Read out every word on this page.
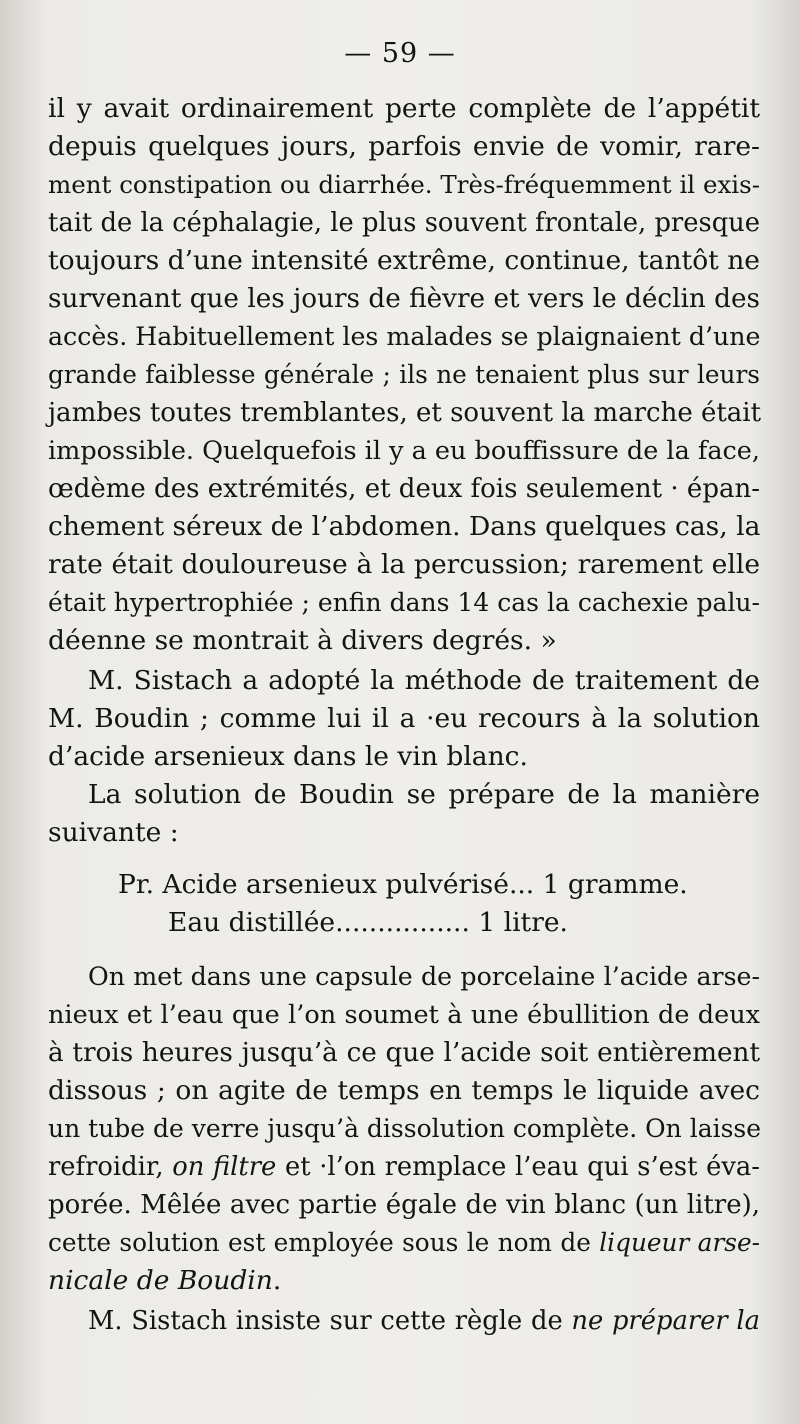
— 59 —
il y avait ordinairement perte complète de l’appétit
depuis quelques jours, parfois envie de vomir, rare-
ment constipation ou diarrhée. Très-fréquemment il exis-
tait de la céphalagie, le plus souvent frontale, presque
toujours d’une intensité extrême, continue, tantôt ne
survenant que les jours de fièvre et vers le déclin des
accès. Habituellement les malades se plaignaient d’une
grande faiblesse générale ; ils ne tenaient plus sur leurs
jambes toutes tremblantes, et souvent la marche était
impossible. Quelquefois il y a eu bouffissure de la face,
œdème des extrémités, et deux fois seulement · épan-
chement séreux de l’abdomen. Dans quelques cas, la
rate était douloureuse à la percussion; rarement elle
était hypertrophiée ; enfin dans 14 cas la cachexie palu-
déenne se montrait à divers degrés. »
M. Sistach a adopté la méthode de traitement de
M. Boudin ; comme lui il a ·eu recours à la solution
d’acide arsenieux dans le vin blanc.
La solution de Boudin se prépare de la manière
suivante :
Pr. Acide arsenieux pulvérisé... 1 gramme.
Eau distillée................ 1 litre.
On met dans une capsule de porcelaine l’acide arse-
nieux et l’eau que l’on soumet à une ébullition de deux
à trois heures jusqu’à ce que l’acide soit entièrement
dissous ; on agite de temps en temps le liquide avec
un tube de verre jusqu’à dissolution complète. On laisse
refroidir, on filtre et ·l’on remplace l’eau qui s’est éva-
porée. Mêlée avec partie égale de vin blanc (un litre),
cette solution est employée sous le nom de liqueur arse-
nicale de Boudin.
M. Sistach insiste sur cette règle de ne préparer la
